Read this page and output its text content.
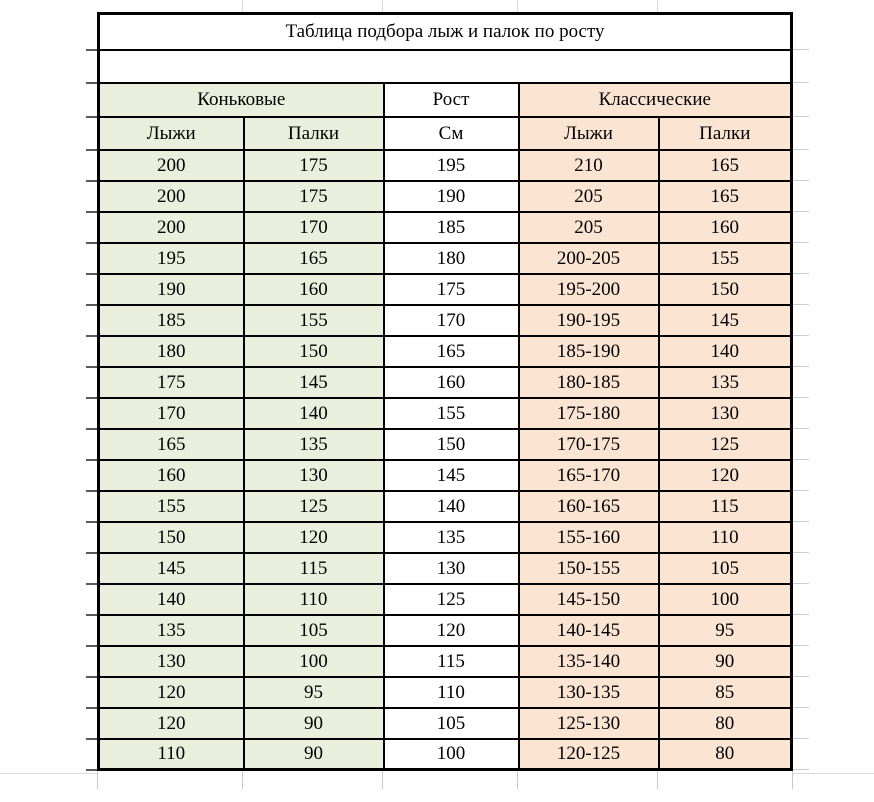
Таблица подбора лыж и палок по росту				

Коньковые		Рост	Классические	
Лыжи	Палки	См	Лыжи	Палки
200	175	195	210	165
200	175	190	205	165
200	170	185	205	160
195	165	180	200-205	155
190	160	175	195-200	150
185	155	170	190-195	145
180	150	165	185-190	140
175	145	160	180-185	135
170	140	155	175-180	130
165	135	150	170-175	125
160	130	145	165-170	120
155	125	140	160-165	115
150	120	135	155-160	110
145	115	130	150-155	105
140	110	125	145-150	100
135	105	120	140-145	95
130	100	115	135-140	90
120	95	110	130-135	85
120	90	105	125-130	80
110	90	100	120-125	80
